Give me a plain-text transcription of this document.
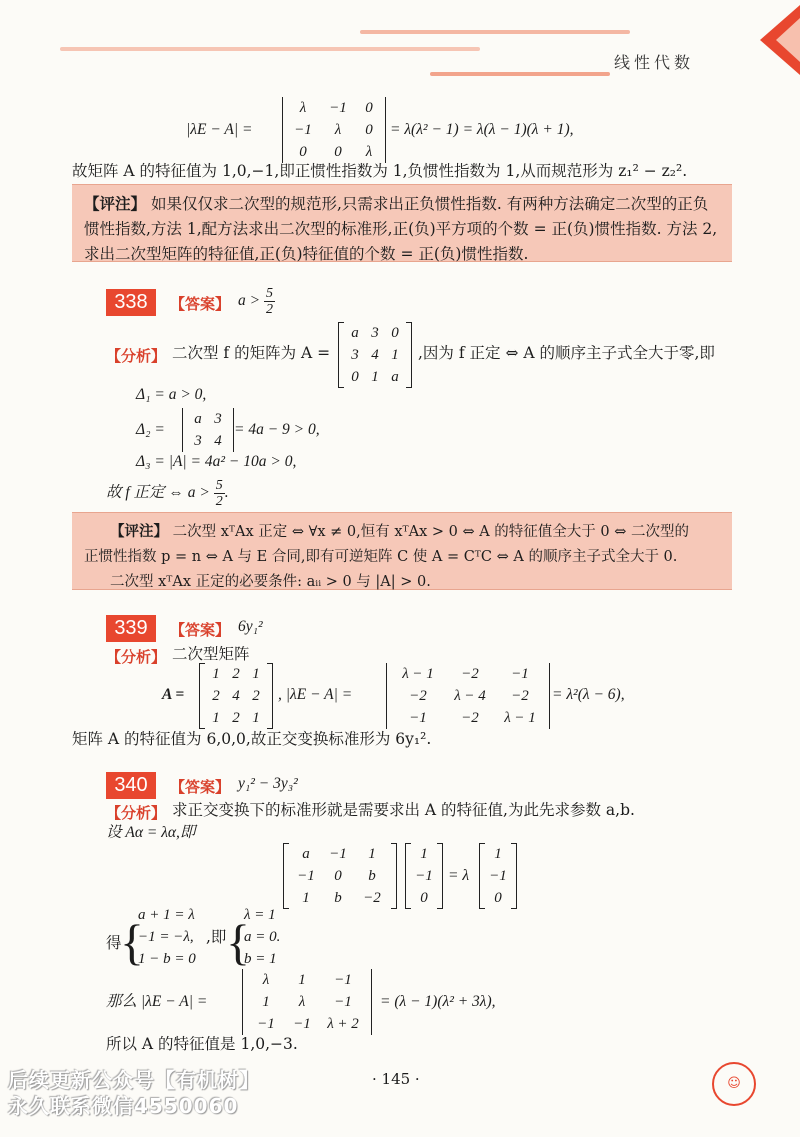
线性代数
|λE − A| =
λ	−1	0
−1	λ	0
0	0	λ
= λ(λ² − 1) = λ(λ − 1)(λ + 1),
故矩阵 A 的特征值为 1,0,−1,即正惯性指数为 1,负惯性指数为 1,从而规范形为 z₁² − z₂².
【评注】 如果仅仅求二次型的规范形,只需求出正负惯性指数. 有两种方法确定二次型的正负惯性指数,方法 1,配方法求出二次型的标准形,正(负)平方项的个数 = 正(负)惯性指数. 方法 2,求出二次型矩阵的特征值,正(负)特征值的个数 = 正(负)惯性指数.
338	【答案】 $a > \frac{5}{2}$
【分析】 二次型 f 的矩阵为 A =
a 3 0
3 4 1
0 1 a
,因为 f 正定 ⇔ A 的顺序主子式全大于零,即
Δ₁ = a > 0,
Δ₂ =
a 3
3 4
= 4a − 9 > 0,
Δ₃ = |A| = 4a² − 10a > 0,
故 f 正定 ⇔ $a > \frac{5}{2}$ .
【评注】 二次型 xᵀAx 正定 ⇔ ∀x ≠ 0,恒有 xᵀAx > 0 ⇔ A 的特征值全大于 0 ⇔ 二次型的
正惯性指数 p = n ⇔ A 与 E 合同,即有可逆矩阵 C 使 A = CᵀC ⇔ A 的顺序主子式全大于 0.
二次型 xᵀAx 正定的必要条件: aᵢᵢ > 0 与 |A| > 0.
339	【答案】 6y₁²
【分析】 二次型矩阵
A =
1 2 1
2 4 2
1 2 1
, |λE − A| =
λ − 1	−2	−1
−2	λ − 4	−2
−1	−2	λ − 1
= λ²(λ − 6),
矩阵 A 的特征值为 6,0,0,故正交变换标准形为 6y₁².
340	【答案】 y₁² − 3y₃²
【分析】 求正交变换下的标准形就是需要求出 A 的特征值,为此先求参数 a,b.
设 Aα = λα,即
a	−1	1
−1	0	b
1	b	−2
1
−1
0
= λ
1
−1
0
得
{
a + 1 = λ
−1 = −λ,
1 − b = 0
,即 {
λ = 1
a = 0.
b = 1
那么 |λE − A| =
λ	1	−1
1	λ	−1
−1	−1	λ + 2
= (λ − 1)(λ² + 3λ),
所以 A 的特征值是 1,0,−3.
· 145 ·
后续更新公众号【有机树】
永久联系微信4550060
☺
